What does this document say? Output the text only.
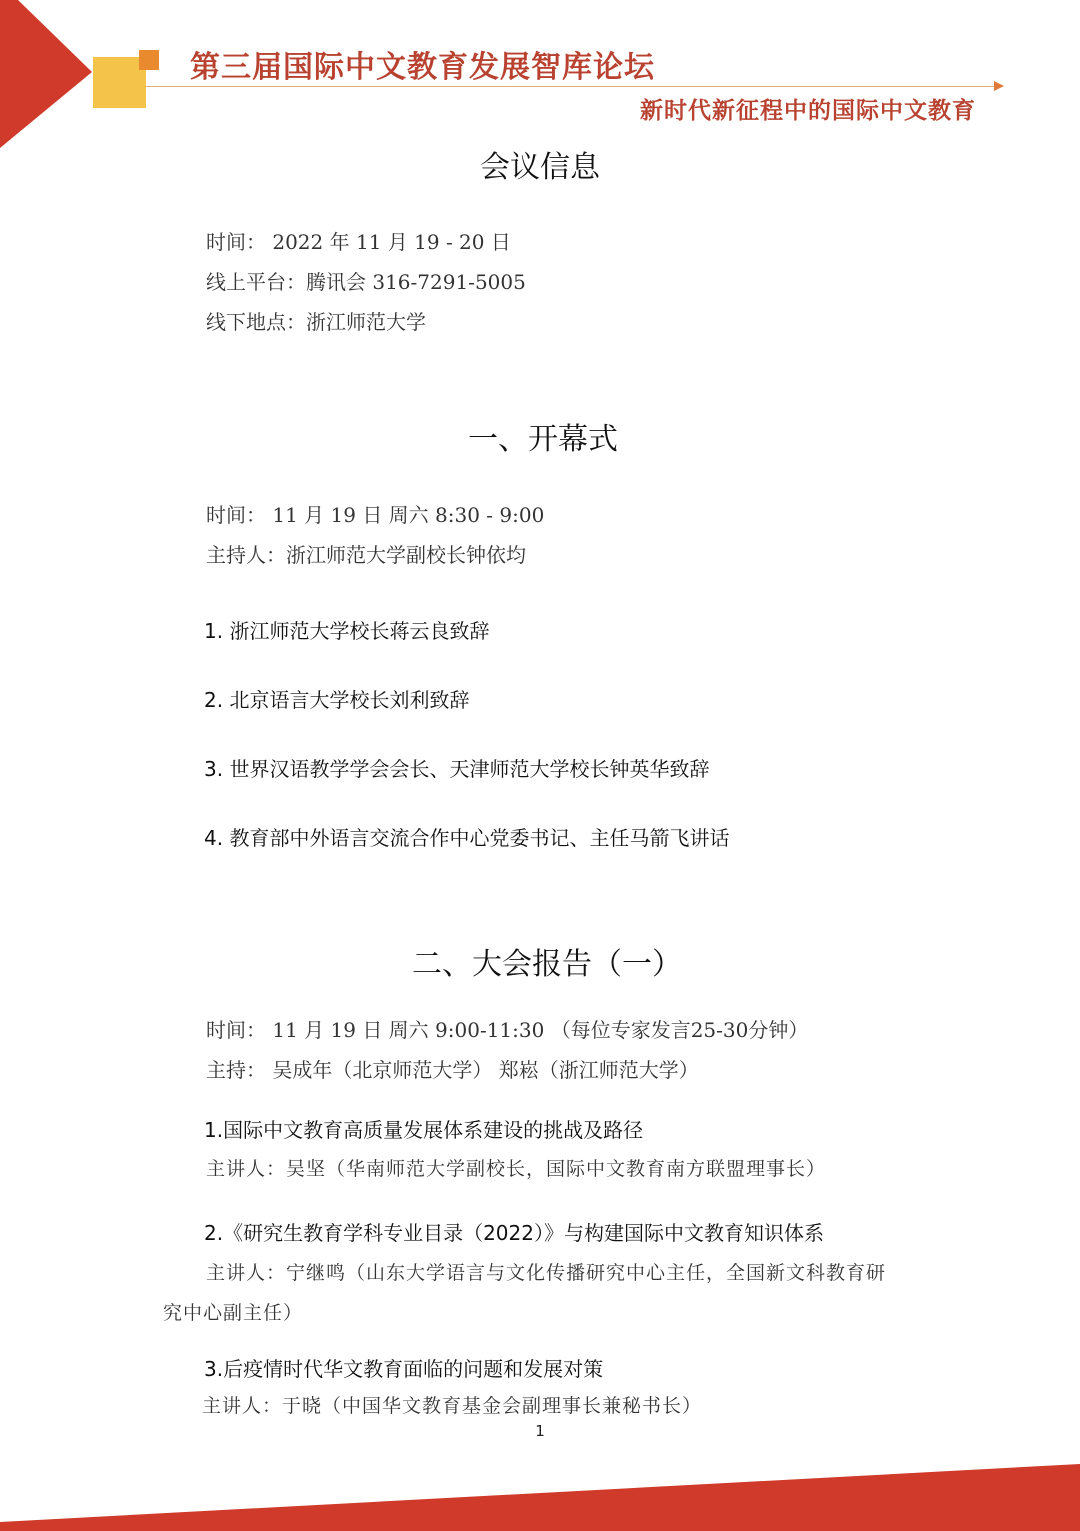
第三届国际中文教育发展智库论坛
新时代新征程中的国际中文教育
会议信息
时间： 2022 年 11 月 19 - 20 日
线上平台：腾讯会 316-7291-5005
线下地点：浙江师范大学
一、开幕式
时间： 11 月 19 日 周六 8:30 - 9:00
主持人：浙江师范大学副校长钟依均
1. 浙江师范大学校长蒋云良致辞
2. 北京语言大学校长刘利致辞
3. 世界汉语教学学会会长、天津师范大学校长钟英华致辞
4. 教育部中外语言交流合作中心党委书记、主任马箭飞讲话
二、大会报告（一）
时间： 11 月 19 日 周六 9:00-11:30 （每位专家发言25-30分钟）
主持： 吴成年（北京师范大学） 郑崧（浙江师范大学）
1.国际中文教育高质量发展体系建设的挑战及路径
主讲人：吴坚（华南师范大学副校长，国际中文教育南方联盟理事长）
2.《研究生教育学科专业目录（2022）》与构建国际中文教育知识体系
主讲人：宁继鸣（山东大学语言与文化传播研究中心主任，全国新文科教育研
究中心副主任）
3.后疫情时代华文教育面临的问题和发展对策
主讲人：于晓（中国华文教育基金会副理事长兼秘书长）
1
